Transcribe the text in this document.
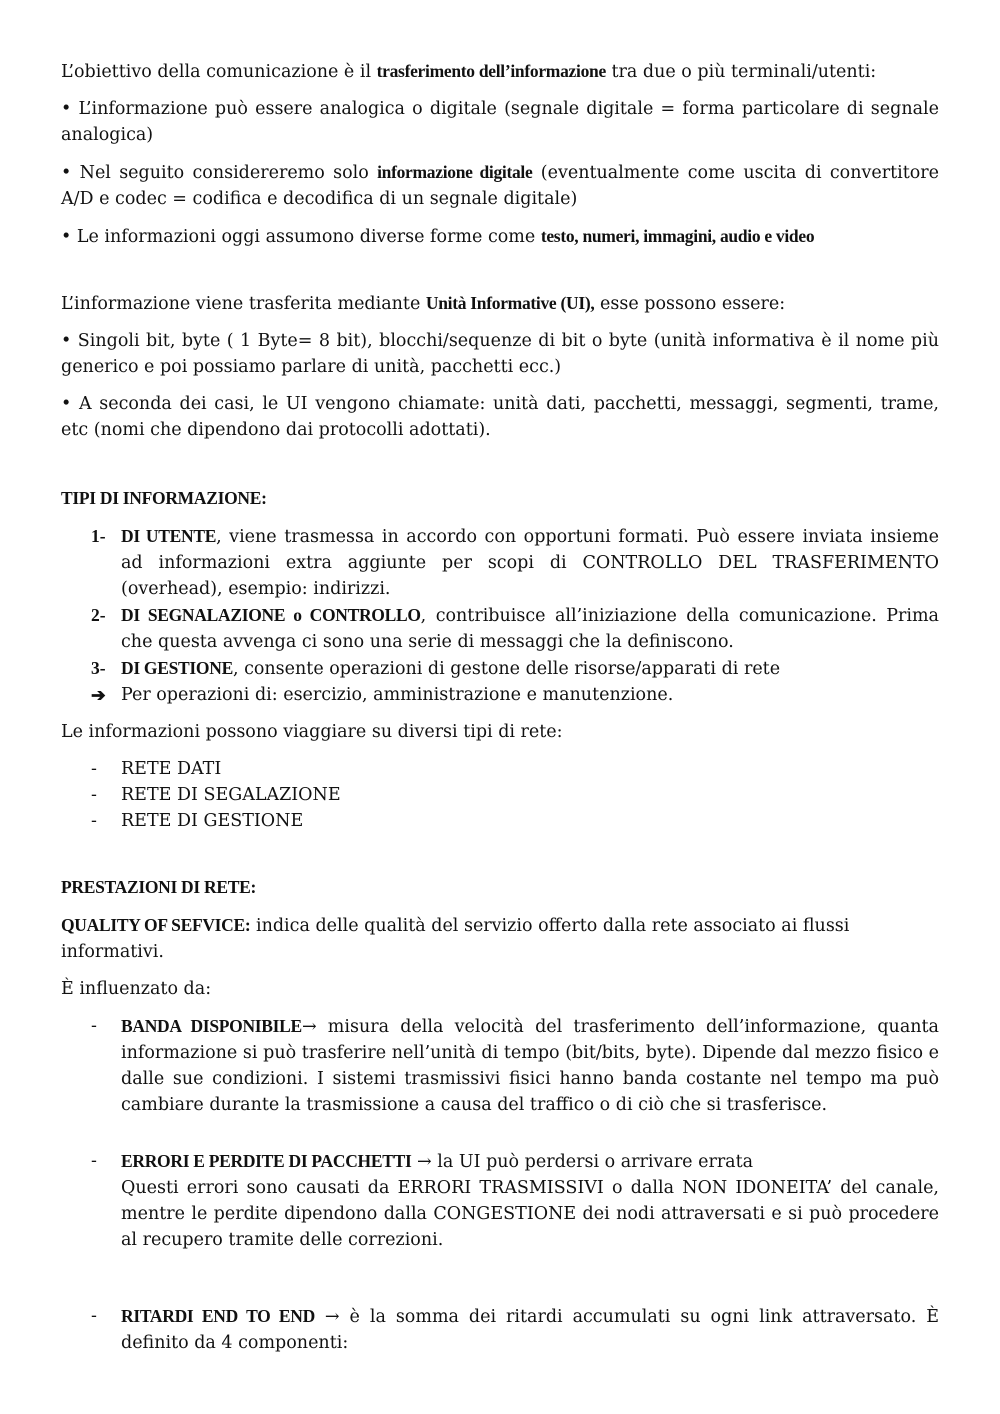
L’obiettivo della comunicazione è il trasferimento dell’informazione tra due o più terminali/utenti:

• L’informazione può essere analogica o digitale (segnale digitale = forma particolare di segnale analogica)

• Nel seguito considereremo solo informazione digitale (eventualmente come uscita di convertitore A/D e codec = codifica e decodifica di un segnale digitale)

• Le informazioni oggi assumono diverse forme come testo, numeri, immagini, audio e video

L’informazione viene trasferita mediante Unità Informative (UI), esse possono essere:

• Singoli bit, byte ( 1 Byte= 8 bit), blocchi/sequenze di bit o byte (unità informativa è il nome più generico e poi possiamo parlare di unità, pacchetti ecc.)

• A seconda dei casi, le UI vengono chiamate: unità dati, pacchetti, messaggi, segmenti, trame, etc (nomi che dipendono dai protocolli adottati).

TIPI DI INFORMAZIONE:

1- DI UTENTE, viene trasmessa in accordo con opportuni formati. Può essere inviata insieme ad informazioni extra aggiunte per scopi di CONTROLLO DEL TRASFERIMENTO (overhead), esempio: indirizzi.
2- DI SEGNALAZIONE o CONTROLLO, contribuisce all’iniziazione della comunicazione. Prima che questa avvenga ci sono una serie di messaggi che la definiscono.
3- DI GESTIONE, consente operazioni di gestone delle risorse/apparati di rete
➔ Per operazioni di: esercizio, amministrazione e manutenzione.

Le informazioni possono viaggiare su diversi tipi di rete:

- RETE DATI
- RETE DI SEGALAZIONE
- RETE DI GESTIONE

PRESTAZIONI DI RETE:

QUALITY OF SEFVICE: indica delle qualità del servizio offerto dalla rete associato ai flussi informativi.

È influenzato da:

- BANDA DISPONIBILE→ misura della velocità del trasferimento dell’informazione, quanta informazione si può trasferire nell’unità di tempo (bit/bits, byte). Dipende dal mezzo fisico e dalle sue condizioni. I sistemi trasmissivi fisici hanno banda costante nel tempo ma può cambiare durante la trasmissione a causa del traffico o di ciò che si trasferisce.
- ERRORI E PERDITE DI PACCHETTI → la UI può perdersi o arrivare errata
Questi errori sono causati da ERRORI TRASMISSIVI o dalla NON IDONEITA’ del canale, mentre le perdite dipendono dalla CONGESTIONE dei nodi attraversati e si può procedere al recupero tramite delle correzioni.
- RITARDI END TO END → è la somma dei ritardi accumulati su ogni link attraversato. È definito da 4 componenti:
